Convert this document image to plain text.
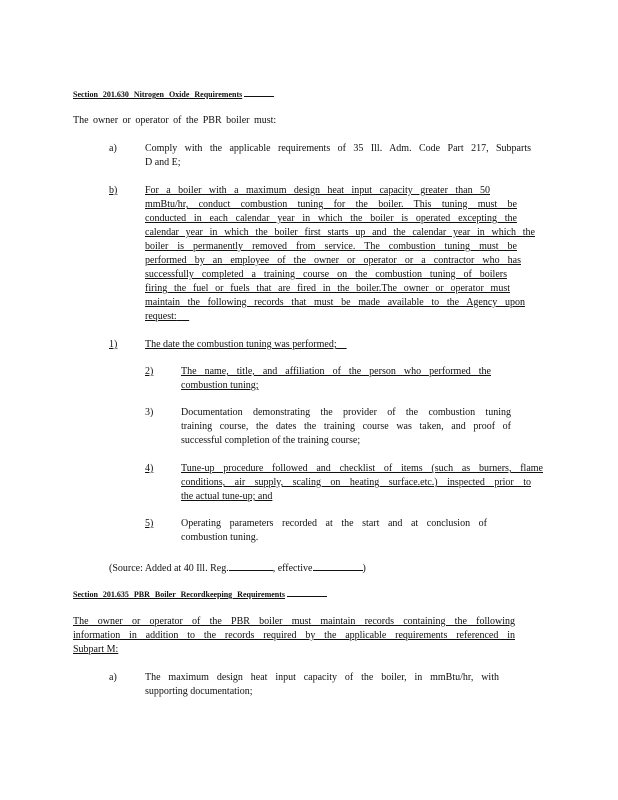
Section 201.630 Nitrogen Oxide Requirements
The owner or operator of the PBR boiler must:
a)	Comply with the applicable requirements of 35 Ill. Adm. Code Part 217, Subparts
D and E;
b)	For a boiler with a maximum design heat input capacity greater than 50
mmBtu/hr, conduct combustion tuning for the boiler. This tuning must be
conducted in each calendar year in which the boiler is operated excepting the
calendar year in which the boiler first starts up and the calendar year in which the
boiler is permanently removed from service. The combustion tuning must be
performed by an employee of the owner or operator or a contractor who has
successfully completed a training course on the combustion tuning of boilers
firing the fuel or fuels that are fired in the boiler.The owner or operator must
maintain the following records that must be made available to the Agency upon
request:
1)	The date the combustion tuning was performed;
2)	The name, title, and affiliation of the person who performed the
combustion tuning;
3)	Documentation demonstrating the provider of the combustion tuning
training course, the dates the training course was taken, and proof of
successful completion of the training course;
4)	Tune-up procedure followed and checklist of items (such as burners, flame
conditions, air supply, scaling on heating surface.etc.) inspected prior to
the actual tune-up; and
5)	Operating parameters recorded at the start and at conclusion of
combustion tuning.
(Source: Added at 40 Ill. Reg.	, effective	)
Section 201.635 PBR Boiler Recordkeeping Requirements
The owner or operator of the PBR boiler must maintain records containing the following
information in addition to the records required by the applicable requirements referenced in
Subpart M:
a)	The maximum design heat input capacity of the boiler, in mmBtu/hr, with
supporting documentation;
